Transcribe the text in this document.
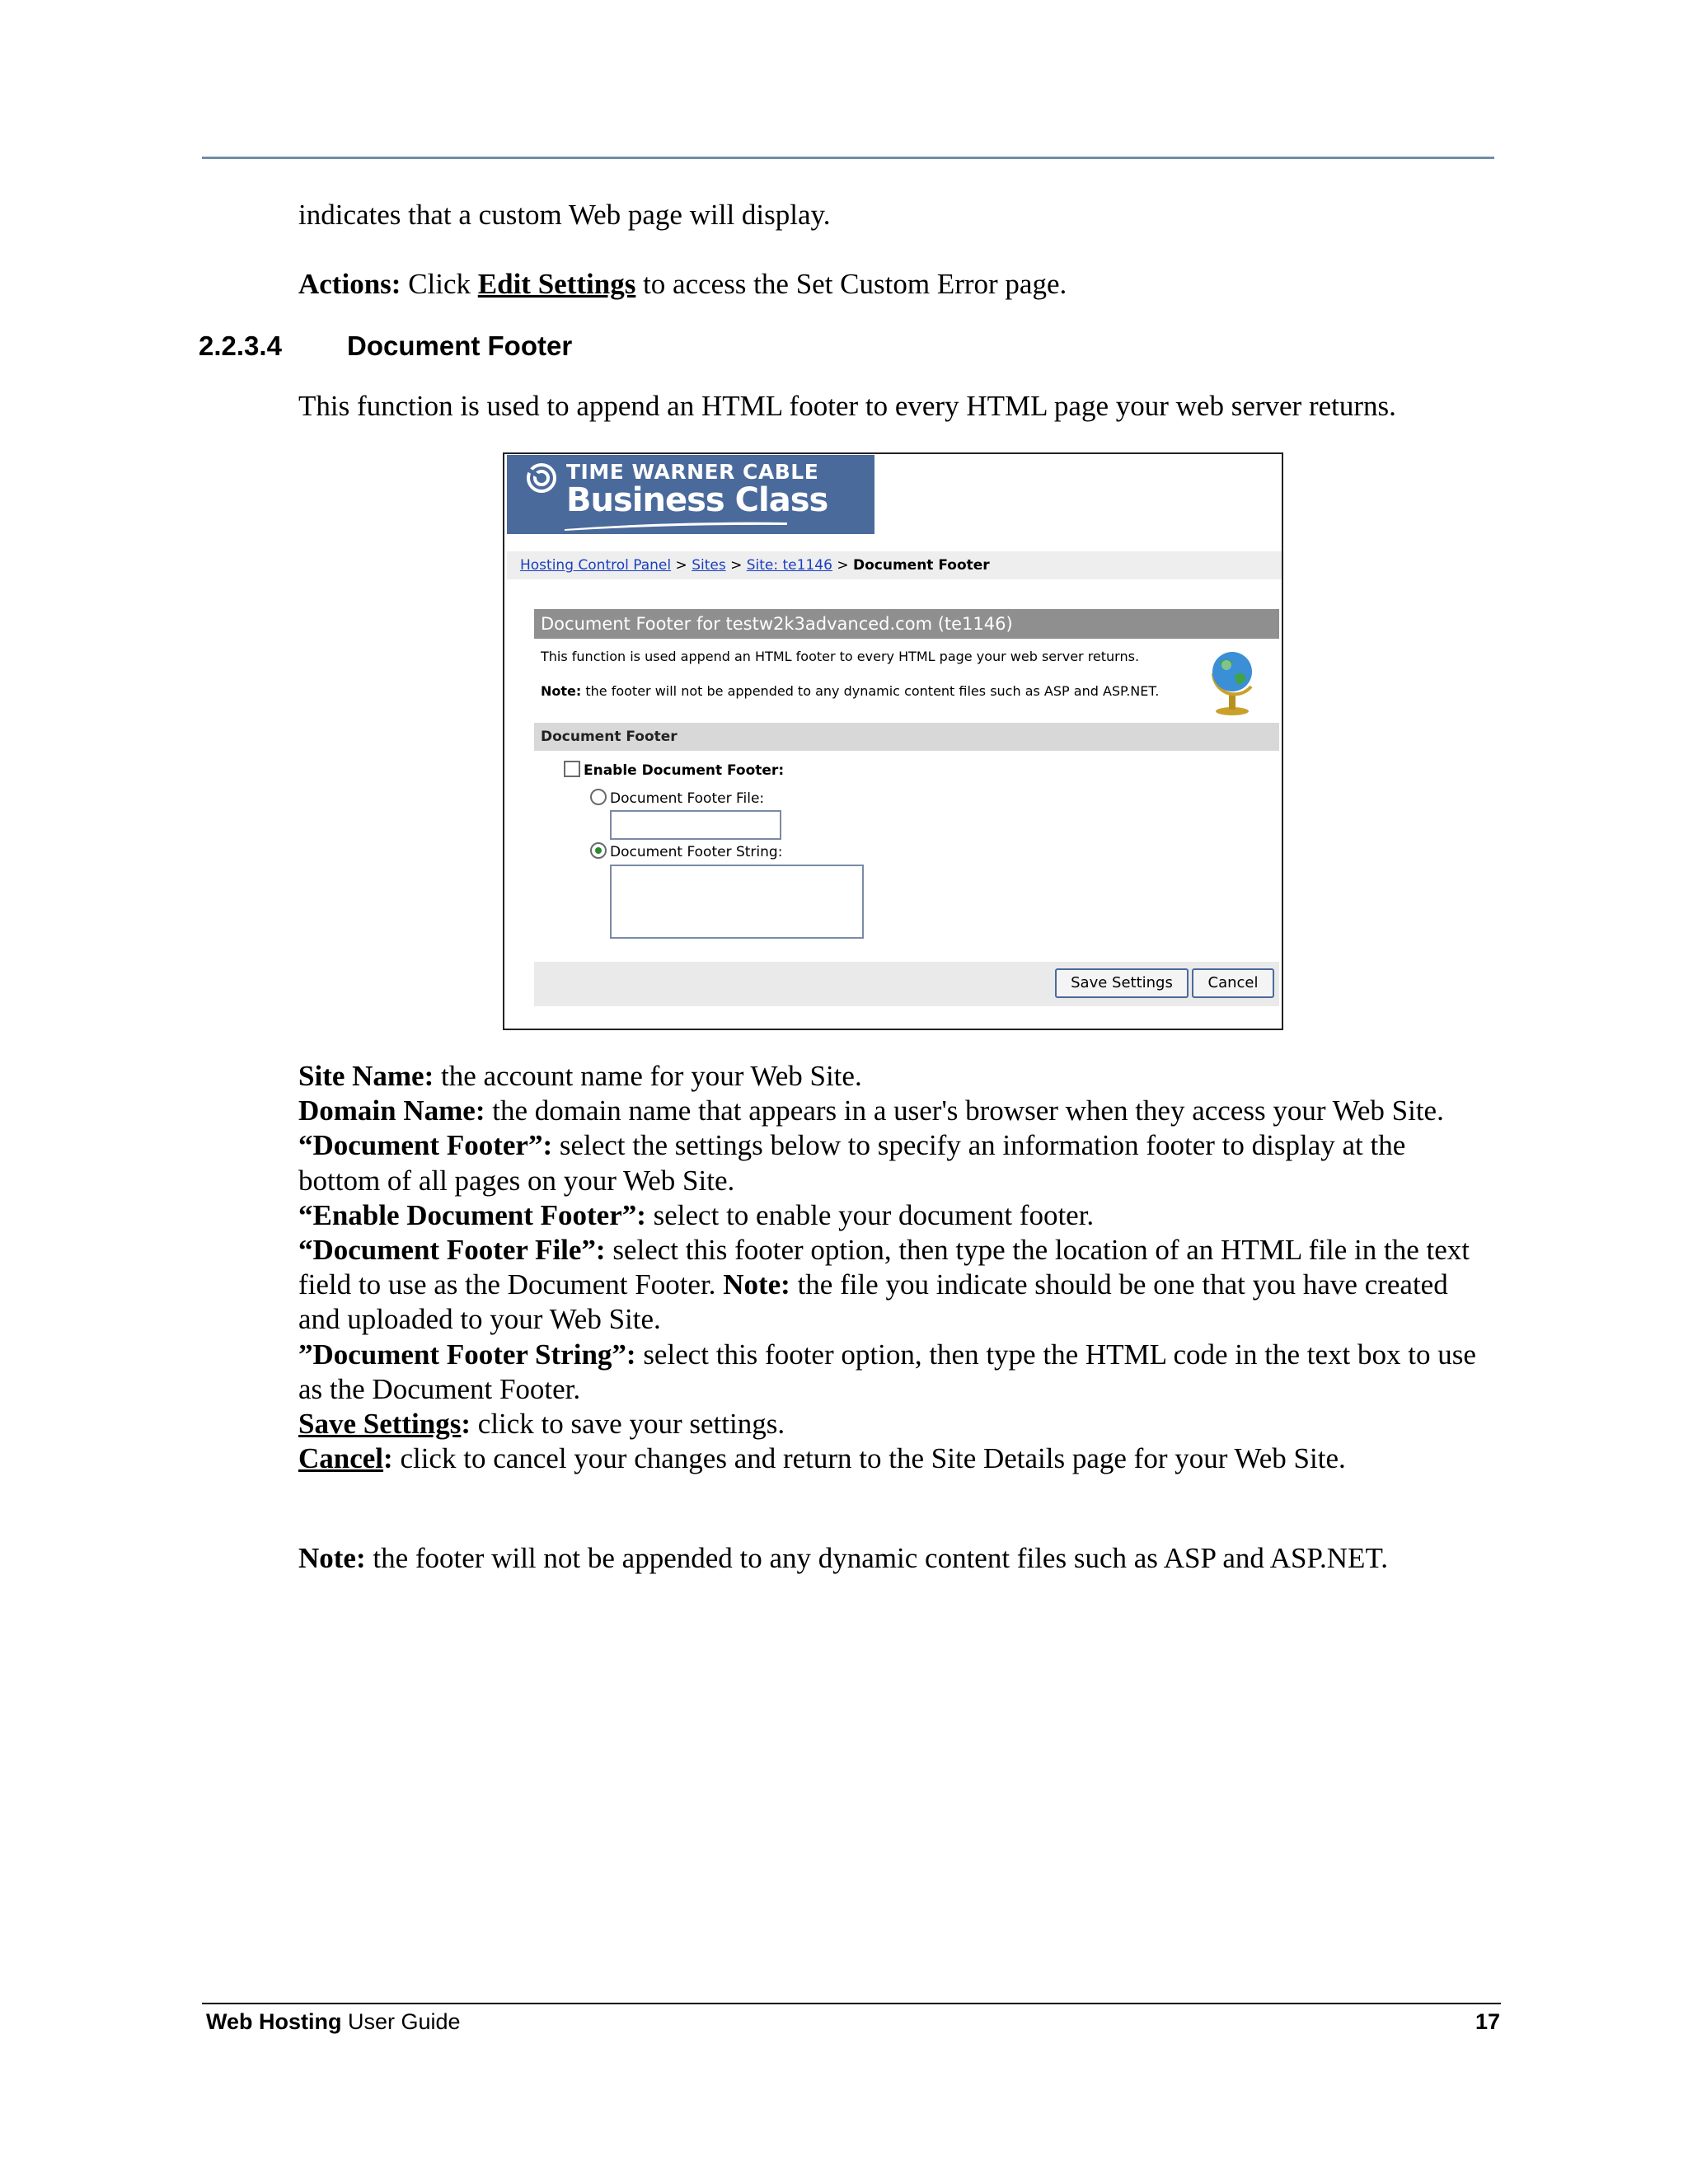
indicates that a custom Web page will display.

Actions: Click Edit Settings to access the Set Custom Error page.

2.2.3.4 Document Footer

This function is used to append an HTML footer to every HTML page your web server returns.

TIME WARNER CABLE
Business Class
Hosting Control Panel > Sites > Site: te1146 > Document Footer
Document Footer for testw2k3advanced.com (te1146)
This function is used append an HTML footer to every HTML page your web server returns.
Note: the footer will not be appended to any dynamic content files such as ASP and ASP.NET.
Document Footer
Enable Document Footer:
Document Footer File:
Document Footer String:
Save Settings	Cancel
Site Name: the account name for your Web Site.
Domain Name: the domain name that appears in a user's browser when they access your Web Site.
“Document Footer”: select the settings below to specify an information footer to display at the bottom of all pages on your Web Site.
“Enable Document Footer”: select to enable your document footer.
“Document Footer File”: select this footer option, then type the location of an HTML file in the text field to use as the Document Footer. Note: the file you indicate should be one that you have created and uploaded to your Web Site.
”Document Footer String”: select this footer option, then type the HTML code in the text box to use as the Document Footer.
Save Settings: click to save your settings.
Cancel: click to cancel your changes and return to the Site Details page for your Web Site.

Note: the footer will not be appended to any dynamic content files such as ASP and ASP.NET.

Web Hosting User Guide	17
